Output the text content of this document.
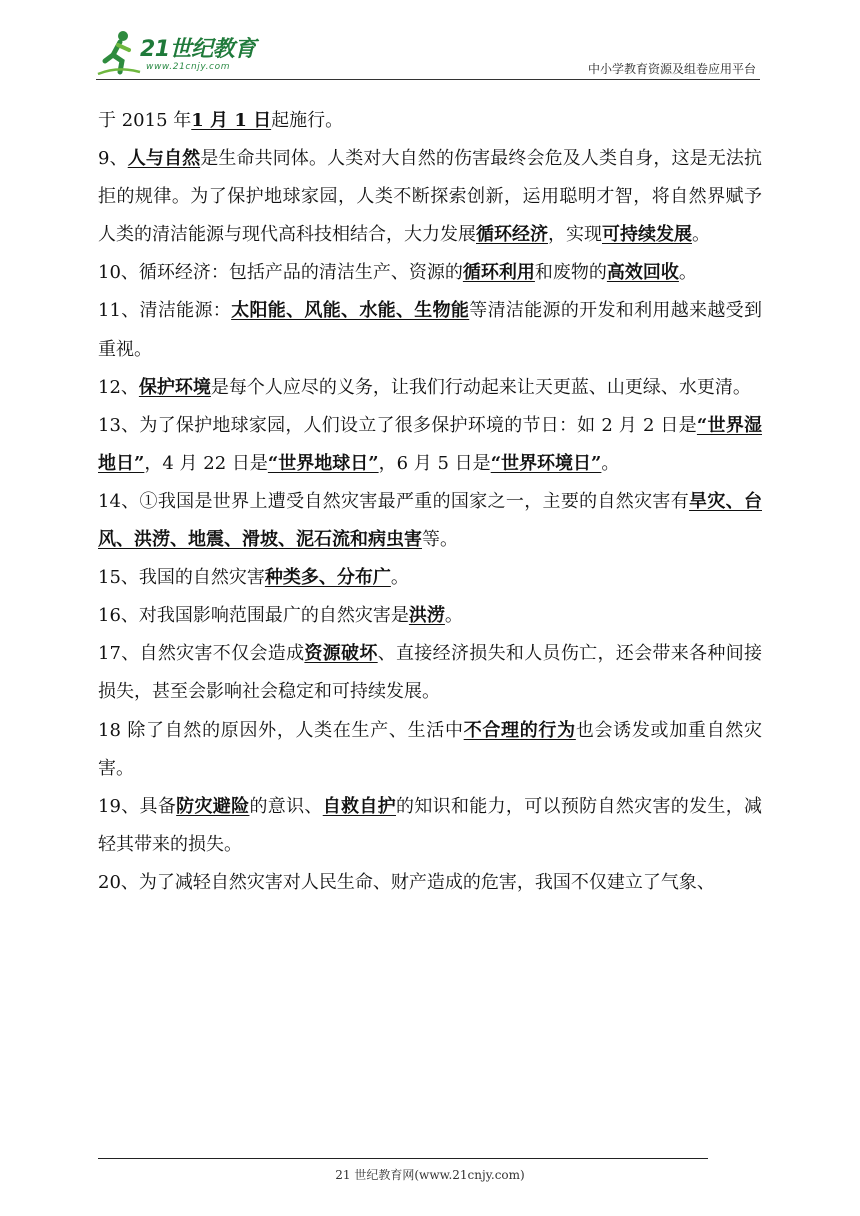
21世纪教育
www.21cnjy.com	中小学教育资源及组卷应用平台

于 2015 年1 月 1 日起施行。

9、人与自然是生命共同体。人类对大自然的伤害最终会危及人类自身，这是无法抗拒的规律。为了保护地球家园，人类不断探索创新，运用聪明才智，将自然界赋予人类的清洁能源与现代高科技相结合，大力发展循环经济，实现可持续发展。

10、循环经济：包括产品的清洁生产、资源的循环利用和废物的高效回收。

11、清洁能源：太阳能、风能、水能、生物能等清洁能源的开发和利用越来越受到重视。

12、保护环境是每个人应尽的义务，让我们行动起来让天更蓝、山更绿、水更清。

13、为了保护地球家园，人们设立了很多保护环境的节日：如 2 月 2 日是“世界湿地日”，4 月 22 日是“世界地球日”，6 月 5 日是“世界环境日”。

14、①我国是世界上遭受自然灾害最严重的国家之一，主要的自然灾害有旱灾、台风、洪涝、地震、滑坡、泥石流和病虫害等。

15、我国的自然灾害种类多、分布广。

16、对我国影响范围最广的自然灾害是洪涝。

17、自然灾害不仅会造成资源破坏、直接经济损失和人员伤亡，还会带来各种间接损失，甚至会影响社会稳定和可持续发展。

18 除了自然的原因外，人类在生产、生活中不合理的行为也会诱发或加重自然灾害。

19、具备防灾避险的意识、自救自护的知识和能力，可以预防自然灾害的发生，减轻其带来的损失。

20、为了减轻自然灾害对人民生命、财产造成的危害，我国不仅建立了气象、

21 世纪教育网(www.21cnjy.com)
